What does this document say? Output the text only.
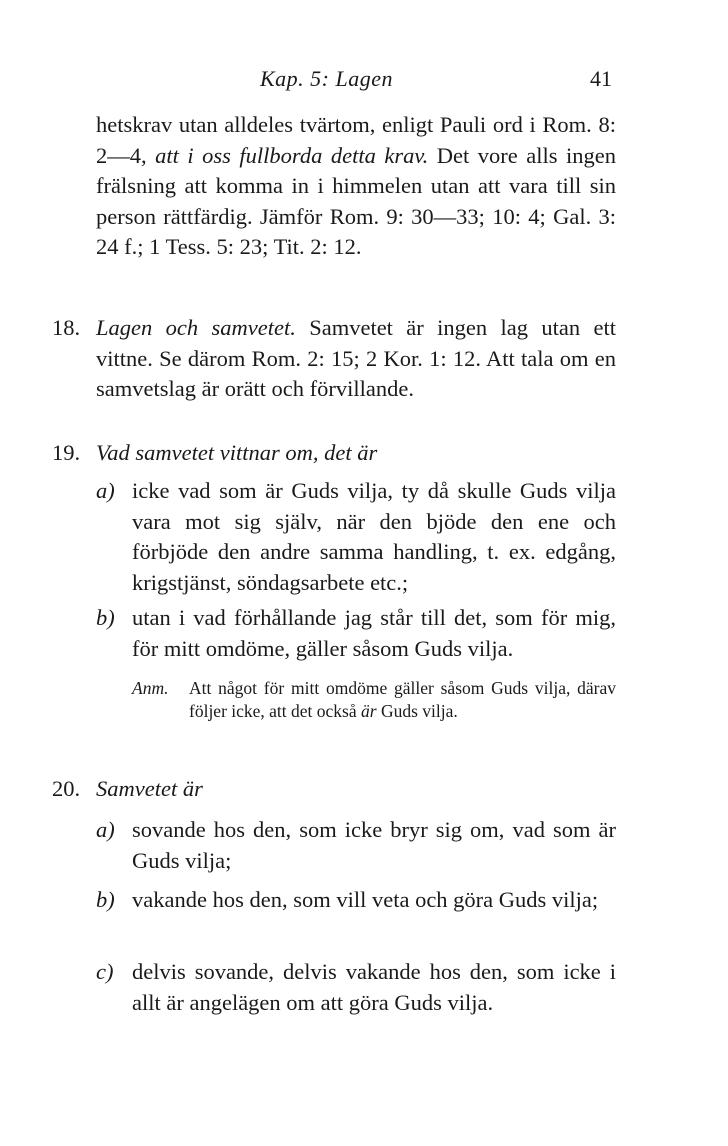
Kap. 5: Lagen	41
hetskrav utan alldeles tvärtom, enligt Pauli ord i Rom. 8: 2—4, att i oss fullborda detta krav. Det vore alls ingen frälsning att komma in i himmelen utan att vara till sin person rättfärdig. Jämför Rom. 9: 30—33; 10: 4; Gal. 3: 24 f.; 1 Tess. 5: 23; Tit. 2: 12.
18. Lagen och samvetet. Samvetet är ingen lag utan ett vittne. Se därom Rom. 2: 15; 2 Kor. 1: 12. Att tala om en samvetslag är orätt och förvillande.
19. Vad samvetet vittnar om, det är
a) icke vad som är Guds vilja, ty då skulle Guds vilja vara mot sig själv, när den bjöde den ene och förbjöde den andre samma handling, t. ex. edgång, krigstjänst, söndagsarbete etc.;
b) utan i vad förhållande jag står till det, som för mig, för mitt omdöme, gäller såsom Guds vilja.
Anm. Att något för mitt omdöme gäller såsom Guds vilja, därav följer icke, att det också är Guds vilja.
20. Samvetet är
a) sovande hos den, som icke bryr sig om, vad som är Guds vilja;
b) vakande hos den, som vill veta och göra Guds vilja;
c) delvis sovande, delvis vakande hos den, som icke i allt är angelägen om att göra Guds vilja.
